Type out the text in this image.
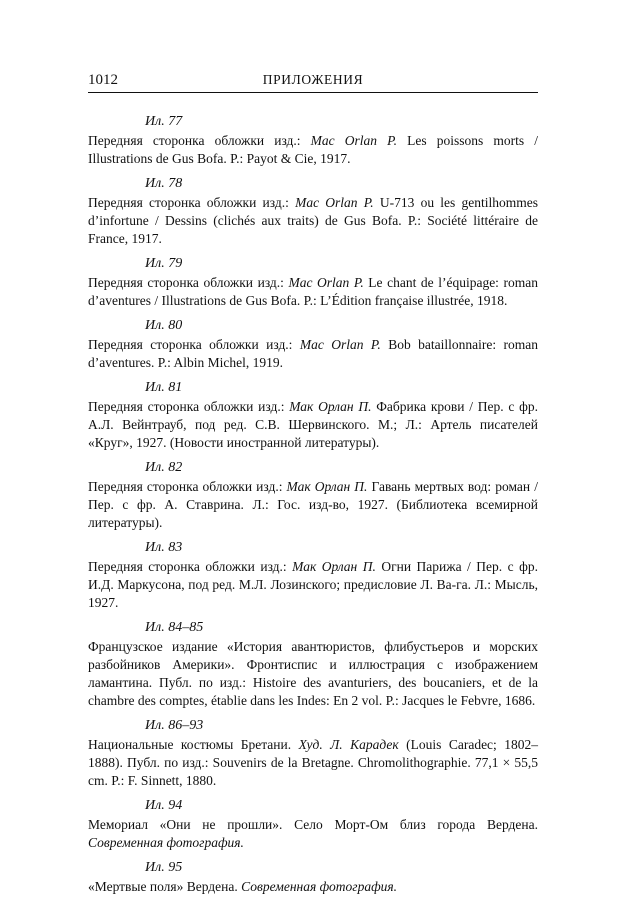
1012	ПРИЛОЖЕНИЯ
Ил. 77

Передняя сторонка обложки изд.: Mac Orlan P. Les poissons morts / Illustrations de Gus Bofa. P.: Payot & Cie, 1917.

Ил. 78

Передняя сторонка обложки изд.: Mac Orlan P. U-713 ou les gentilhommes d’infortune / Dessins (clichés aux traits) de Gus Bofa. P.: Société littéraire de France, 1917.

Ил. 79

Передняя сторонка обложки изд.: Mac Orlan P. Le chant de l’équipage: roman d’aventures / Illustrations de Gus Bofa. P.: L’Édition française illustrée, 1918.

Ил. 80

Передняя сторонка обложки изд.: Mac Orlan P. Bob bataillonnaire: roman d’aventures. P.: Albin Michel, 1919.

Ил. 81

Передняя сторонка обложки изд.: Мак Орлан П. Фабрика крови / Пер. с фр. А.Л. Вейнтрауб, под ред. С.В. Шервинского. М.; Л.: Артель писателей «Круг», 1927. (Новости иностранной литературы).

Ил. 82

Передняя сторонка обложки изд.: Мак Орлан П. Гавань мертвых вод: роман / Пер. с фр. А. Ставрина. Л.: Гос. изд-во, 1927. (Библиотека всемирной литературы).

Ил. 83

Передняя сторонка обложки изд.: Мак Орлан П. Огни Парижа / Пер. с фр. И.Д. Маркусона, под ред. М.Л. Лозинского; предисловие Л. Ва-га. Л.: Мысль, 1927.

Ил. 84–85

Французское издание «История авантюристов, флибустьеров и морских разбойников Америки». Фронтиспис и иллюстрация с изображением ламантина. Публ. по изд.: Histoire des avanturiers, des boucaniers, et de la chambre des comptes, établie dans les Indes: En 2 vol. P.: Jacques le Febvre, 1686.

Ил. 86–93

Национальные костюмы Бретани. Худ. Л. Карадек (Louis Caradec; 1802–1888). Публ. по изд.: Souvenirs de la Bretagne. Chromolithographie. 77,1 × 55,5 cm. P.: F. Sinnett, 1880.

Ил. 94

Мемориал «Они не прошли». Село Морт-Ом близ города Вердена. Современная фотография.

Ил. 95

«Мертвые поля» Вердена. Современная фотография.
